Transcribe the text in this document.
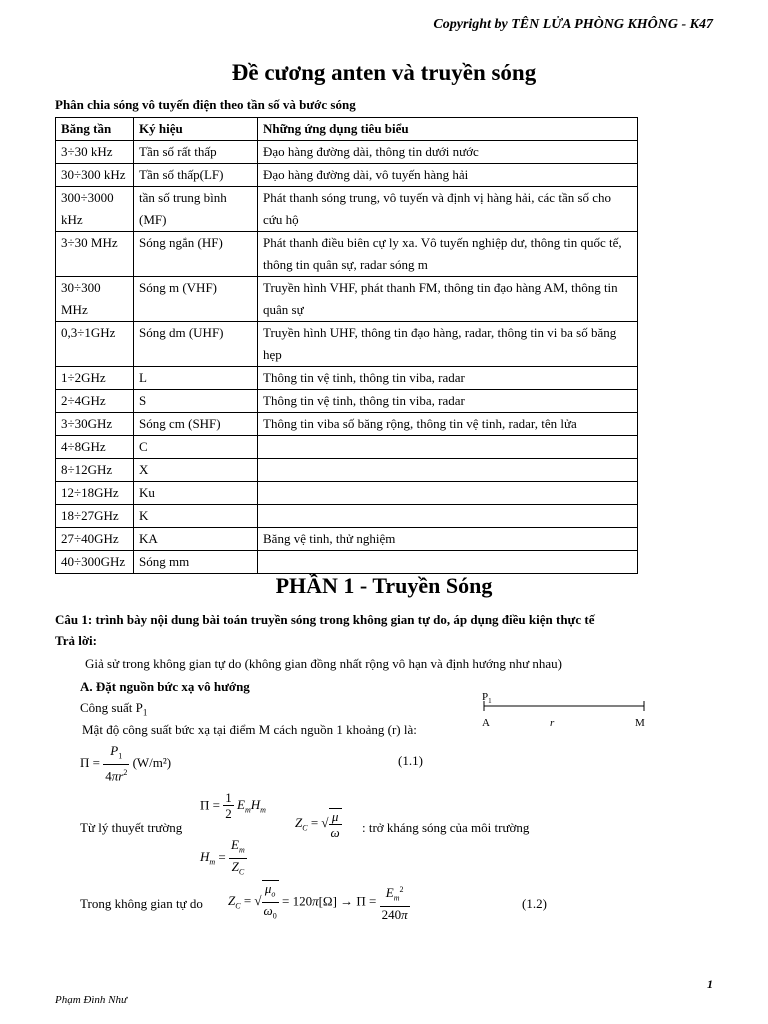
Copyright by TÊN LỬA PHÒNG KHÔNG - K47
Đề cương anten và truyền sóng
Phân chia sóng vô tuyến điện theo tần số và bước sóng
Băng tần	Ký hiệu	Những ứng dụng tiêu biểu
3÷30 kHz	Tần số rất thấp	Đạo hàng đường dài, thông tin dưới nước
30÷300 kHz	Tần số thấp(LF)	Đạo hàng đường dài, vô tuyến hàng hải
300÷3000 kHz	tần số trung bình (MF)	Phát thanh sóng trung, vô tuyến và định vị hàng hải, các tần số cho cứu hộ
3÷30 MHz	Sóng ngắn (HF)	Phát thanh điều biên cự ly xa. Vô tuyến nghiệp dư, thông tin quốc tế, thông tin quân sự, radar sóng m
30÷300 MHz	Sóng m (VHF)	Truyền hình VHF, phát thanh FM, thông tin đạo hàng AM, thông tin quân sự
0,3÷1GHz	Sóng dm (UHF)	Truyền hình UHF, thông tin đạo hàng, radar, thông tin vi ba số băng hẹp
1÷2GHz	L	Thông tin vệ tinh, thông tin viba, radar
2÷4GHz	S	Thông tin vệ tinh, thông tin viba, radar
3÷30GHz	Sóng cm (SHF)	Thông tin viba số băng rộng, thông tin vệ tinh, radar, tên lửa
4÷8GHz	C	
8÷12GHz	X	
12÷18GHz	Ku	
18÷27GHz	K	
27÷40GHz	KA	Băng vệ tinh, thử nghiệm
40÷300GHz	Sóng mm	
PHẦN 1 - Truyền Sóng
Câu 1: trình bày nội dung bài toán truyền sóng trong không gian tự do, áp dụng điều kiện thực tế
Trả lời:
Giả sử trong không gian tự do (không gian đồng nhất rộng vô hạn và định hướng như nhau)
A. Đặt nguồn bức xạ vô hướng
Công suất $P_1$
Mật độ công suất bức xạ tại điểm M cách nguồn 1 khoảng (r) là:
$P_1$
A	r	M
$\Pi = \frac{P_1}{4\pi r^2} (W/m^2)$	(1.1)
Từ lý thuyết trường
$\Pi = \frac{1}{2} E_mH_m$
$H_m = \frac{E_m}{Z_C}$
$Z_C$ = √ $\frac{\mu}{\omega}$ : trở kháng sóng của môi trường
Trong không gian tự do $Z_C$ = √ $\frac{\mu_o}{\omega_0} = 120\pi[\Omega] \to \Pi = \frac{E_m^2}{240\pi}$	(1.2)
1
Phạm Đình Như
